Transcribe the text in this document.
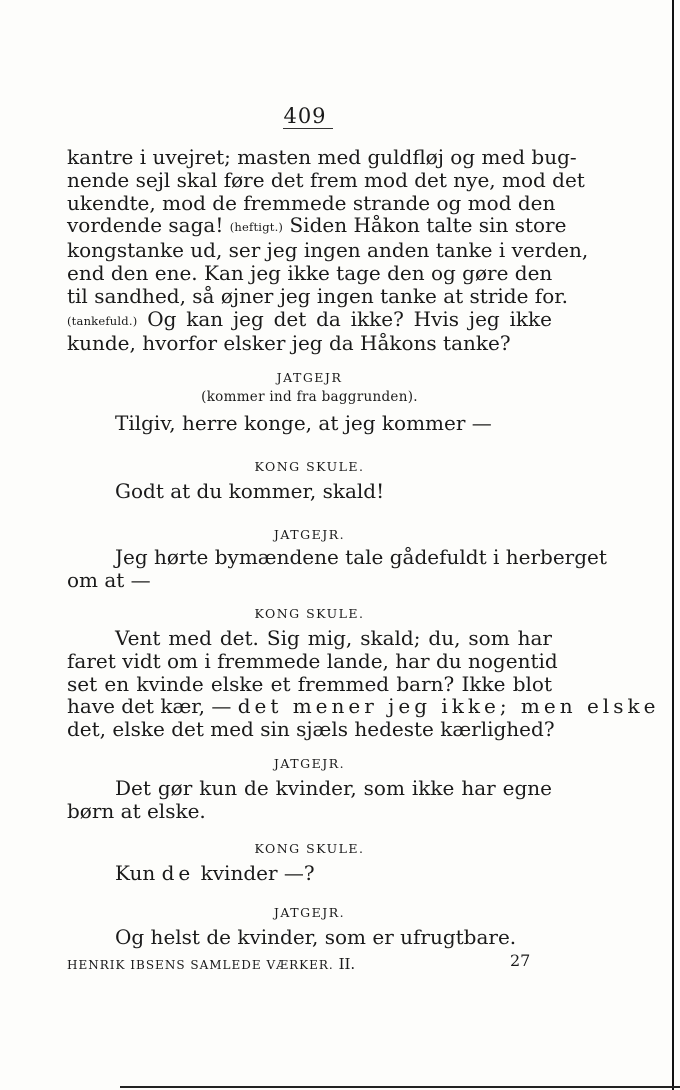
409
kantre i uvejret; masten med guldfløj og med bug-
nende sejl skal føre det frem mod det nye, mod det
ukendte, mod de fremmede strande og mod den
vordende saga! (heftigt.) Siden Håkon talte sin store
kongstanke ud, ser jeg ingen anden tanke i verden,
end den ene. Kan jeg ikke tage den og gøre den
til sandhed, så øjner jeg ingen tanke at stride for.
(tankefuld.) Og kan jeg det da ikke? Hvis jeg ikke
kunde, hvorfor elsker jeg da Håkons tanke?
JATGEJR
(kommer ind fra baggrunden).
Tilgiv, herre konge, at jeg kommer —
KONG SKULE.
Godt at du kommer, skald!
JATGEJR.
Jeg hørte bymændene tale gådefuldt i herberget
om at —
KONG SKULE.
Vent med det. Sig mig, skald; du, som har
faret vidt om i fremmede lande, har du nogentid
set en kvinde elske et fremmed barn? Ikke blot
have det kær, — det mener jeg ikke; men elske
det, elske det med sin sjæls hedeste kærlighed?
JATGEJR.
Det gør kun de kvinder, som ikke har egne
børn at elske.
KONG SKULE.
Kun de kvinder —?
JATGEJR.
Og helst de kvinder, som er ufrugtbare.
HENRIK IBSENS SAMLEDE VÆRKER. II.	27
